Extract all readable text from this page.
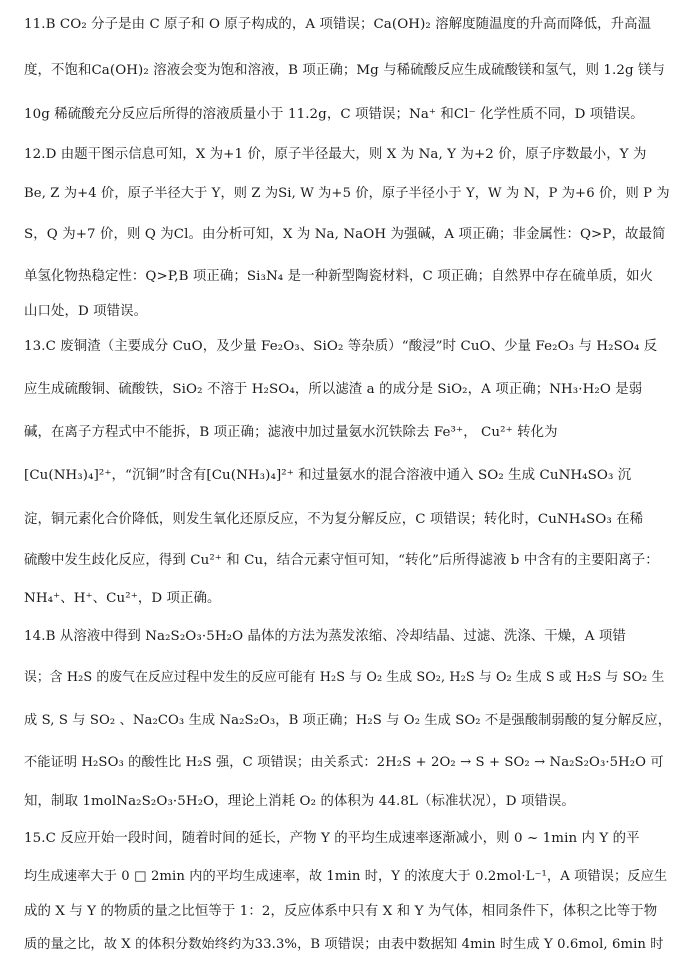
11.B CO₂ 分子是由 C 原子和 O 原子构成的，A 项错误；Ca(OH)₂ 溶解度随温度的升高而降低，升高温
度，不饱和Ca(OH)₂ 溶液会变为饱和溶液，B 项正确；Mg 与稀硫酸反应生成硫酸镁和氢气，则 1.2g 镁与
10g 稀硫酸充分反应后所得的溶液质量小于 11.2g，C 项错误；Na⁺ 和Cl⁻ 化学性质不同，D 项错误。
12.D 由题干图示信息可知，X 为+1 价，原子半径最大，则 X 为 Na, Y 为+2 价，原子序数最小，Y 为
Be, Z 为+4 价，原子半径大于 Y，则 Z 为Si, W 为+5 价，原子半径小于 Y，W 为 N，P 为+6 价，则 P 为
S，Q 为+7 价，则 Q 为Cl。由分析可知，X 为 Na, NaOH 为强碱，A 项正确；非金属性：Q>P，故最简
单氢化物热稳定性：Q>P,B 项正确；Si₃N₄ 是一种新型陶瓷材料，C 项正确；自然界中存在硫单质，如火
山口处，D 项错误。
13.C 废铜渣（主要成分 CuO，及少量 Fe₂O₃、SiO₂ 等杂质）“酸浸”时 CuO、少量 Fe₂O₃ 与 H₂SO₄ 反
应生成硫酸铜、硫酸铁，SiO₂ 不溶于 H₂SO₄，所以滤渣 a 的成分是 SiO₂，A 项正确；NH₃·H₂O 是弱
碱，在离子方程式中不能拆，B 项正确；滤液中加过量氨水沉铁除去 Fe³⁺， Cu²⁺ 转化为
[Cu(NH₃)₄]²⁺，“沉铜”时含有[Cu(NH₃)₄]²⁺ 和过量氨水的混合溶液中通入 SO₂ 生成 CuNH₄SO₃ 沉
淀，铜元素化合价降低，则发生氧化还原反应，不为复分解反应，C 项错误；转化时，CuNH₄SO₃ 在稀
硫酸中发生歧化反应，得到 Cu²⁺ 和 Cu，结合元素守恒可知，“转化”后所得滤液 b 中含有的主要阳离子：
NH₄⁺、H⁺、Cu²⁺，D 项正确。
14.B 从溶液中得到 Na₂S₂O₃·5H₂O 晶体的方法为蒸发浓缩、冷却结晶、过滤、洗涤、干燥，A 项错
误；含 H₂S 的废气在反应过程中发生的反应可能有 H₂S 与 O₂ 生成 SO₂, H₂S 与 O₂ 生成 S 或 H₂S 与 SO₂ 生
成 S, S 与 SO₂ 、Na₂CO₃ 生成 Na₂S₂O₃，B 项正确；H₂S 与 O₂ 生成 SO₂ 不是强酸制弱酸的复分解反应，
不能证明 H₂SO₃ 的酸性比 H₂S 强，C 项错误；由关系式：2H₂S + 2O₂ → S + SO₂ → Na₂S₂O₃·5H₂O 可
知，制取 1molNa₂S₂O₃·5H₂O，理论上消耗 O₂ 的体积为 44.8L（标准状况），D 项错误。
15.C 反应开始一段时间，随着时间的延长，产物 Y 的平均生成速率逐渐减小，则 0 ~ 1min 内 Y 的平
均生成速率大于 0 □ 2min 内的平均生成速率，故 1min 时，Y 的浓度大于 0.2mol·L⁻¹，A 项错误；反应生
成的 X 与 Y 的物质的量之比恒等于 1：2，反应体系中只有 X 和 Y 为气体，相同条件下，体积之比等于物
质的量之比，故 X 的体积分数始终约为33.3%，B 项错误；由表中数据知 4min 时生成 Y 0.6mol, 6min 时
